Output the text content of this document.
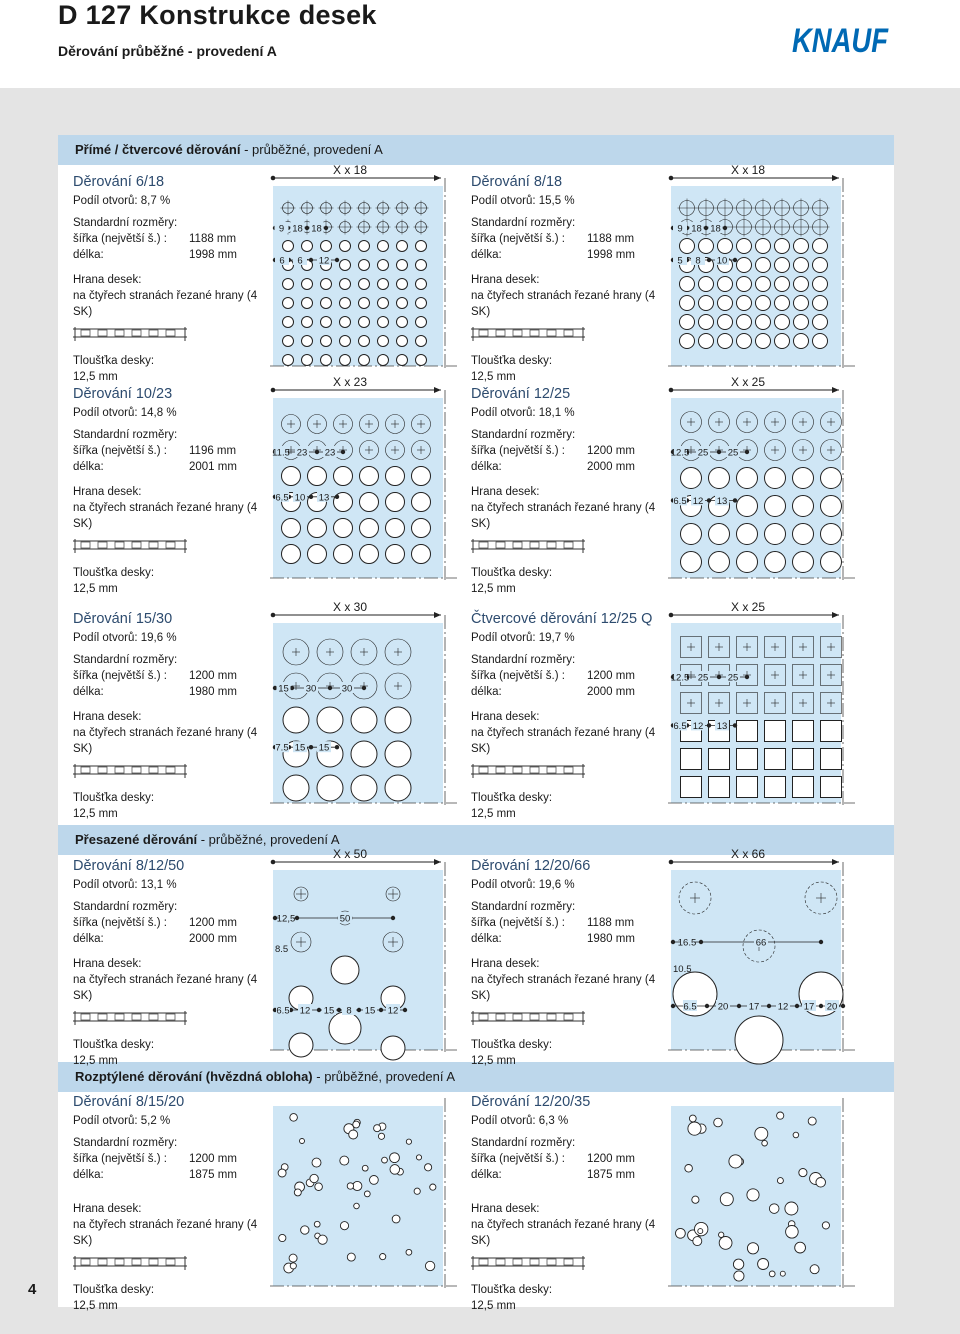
D 127 Konstrukce desek
Děrování průběžné - provedení A	KNAUF
Přímé / čtvercové děrování - průběžné, provedení A
Přesazené děrování - průběžné, provedení A
Rozptýlené děrování (hvězdná obloha) - průběžné, provedení A
Děrování 6/18
Podíl otvorů: 8,7 %
Standardní rozměry:
šířka (největší š.) :	1188 mm
délka:	1998 mm
Hrana desek:
na čtyřech stranách řezané hrany (4 SK)
Tloušťka desky:
12,5 mm
X x 18
9 18 18
6 6 12
Děrování 8/18
Podíl otvorů: 15,5 %
Standardní rozměry:
šířka (největší š.) :	1188 mm
délka:	1998 mm
Hrana desek:
na čtyřech stranách řezané hrany (4 SK)
Tloušťka desky:
12,5 mm
X x 18
9 18 18
5 8 10
Děrování 10/23
Podíl otvorů: 14,8 %
Standardní rozměry:
šířka (největší š.) :	1196 mm
délka:	2001 mm
Hrana desek:
na čtyřech stranách řezané hrany (4 SK)
Tloušťka desky:
12,5 mm
X x 23
11.5 23 23
6.5 10 13
Děrování 12/25
Podíl otvorů: 18,1 %
Standardní rozměry:
šířka (největší š.) :	1200 mm
délka:	2000 mm
Hrana desek:
na čtyřech stranách řezané hrany (4 SK)
Tloušťka desky:
12,5 mm
X x 25
12.5 25 25
6.5 12 13
Děrování 15/30
Podíl otvorů: 19,6 %
Standardní rozměry:
šířka (největší š.) :	1200 mm
délka:	1980 mm
Hrana desek:
na čtyřech stranách řezané hrany (4 SK)
Tloušťka desky:
12,5 mm
X x 30
15 30	30
7.5 15 15
Čtvercové děrování 12/25 Q
Podíl otvorů: 19,7 %
Standardní rozměry:
šířka (největší š.) :	1200 mm
délka:	2000 mm
Hrana desek:
na čtyřech stranách řezané hrany (4 SK)
Tloušťka desky:
12,5 mm
X x 25
12.5 25 25
6.5 12 13
Děrování 8/12/50
Podíl otvorů: 13,1 %
Standardní rozměry:
šířka (největší š.) :	1200 mm
délka:	2000 mm
Hrana desek:
na čtyřech stranách řezané hrany (4 SK)
Tloušťka desky:
12,5 mm
X x 50
12,5	50
8.5
6.5 12 15 8 15 12
Děrování 12/20/66
Podíl otvorů: 19,6 %
Standardní rozměry:
šířka (největší š.) :	1188 mm
délka:	1980 mm
Hrana desek:
na čtyřech stranách řezané hrany (4 SK)
Tloušťka desky:
12,5 mm
X x 66
16.5	66
10.5
6.5 20 17 12 17 20
Děrování 8/15/20
Podíl otvorů: 5,2 %
Standardní rozměry:
šířka (největší š.) :	1200 mm
délka:	1875 mm
Hrana desek:
na čtyřech stranách řezané hrany (4 SK)
Tloušťka desky:
12,5 mm
Děrování 12/20/35
Podíl otvorů: 6,3 %
Standardní rozměry:
šířka (největší š.) :	1200 mm
délka:	1875 mm
Hrana desek:
na čtyřech stranách řezané hrany (4 SK)
Tloušťka desky:
12,5 mm
4
